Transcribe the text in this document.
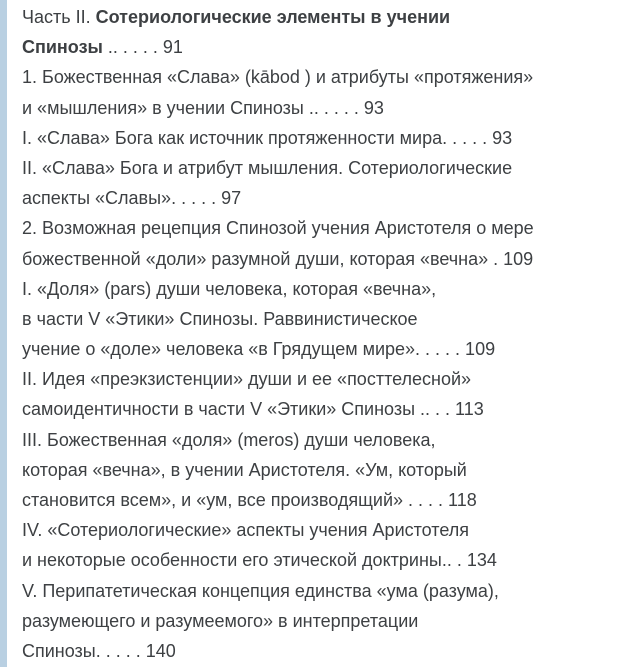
Часть II. Сотериологические элементы в учении
Спинозы .. . . . . 91
1. Божественная «Слава» (kābod ) и атрибуты «протяжения»
и «мышления» в учении Спинозы .. . . . . 93
I. «Слава» Бога как источник протяженности мира. . . . . 93
II. «Слава» Бога и атрибут мышления. Сотериологические
аспекты «Славы». . . . . 97
2. Возможная рецепция Спинозой учения Аристотеля о мере
божественной «доли» разумной души, которая «вечна» . 109
I. «Доля» (pars) души человека, которая «вечна»,
в части V «Этики» Спинозы. Раввинистическое
учение о «доле» человека «в Грядущем мире». . . . . 109
II. Идея «преэкзистенции» души и ее «посттелесной»
самоидентичности в части V «Этики» Спинозы .. . . 113
III. Божественная «доля» (meros) души человека,
которая «вечна», в учении Аристотеля. «Ум, который
становится всем», и «ум, все производящий» . . . . 118
IV. «Сотериологические» аспекты учения Аристотеля
и некоторые особенности его этической доктрины.. . 134
V. Перипатетическая концепция единства «ума (разума),
разумеющего и разумеемого» в интерпретации
Спинозы. . . . . 140
